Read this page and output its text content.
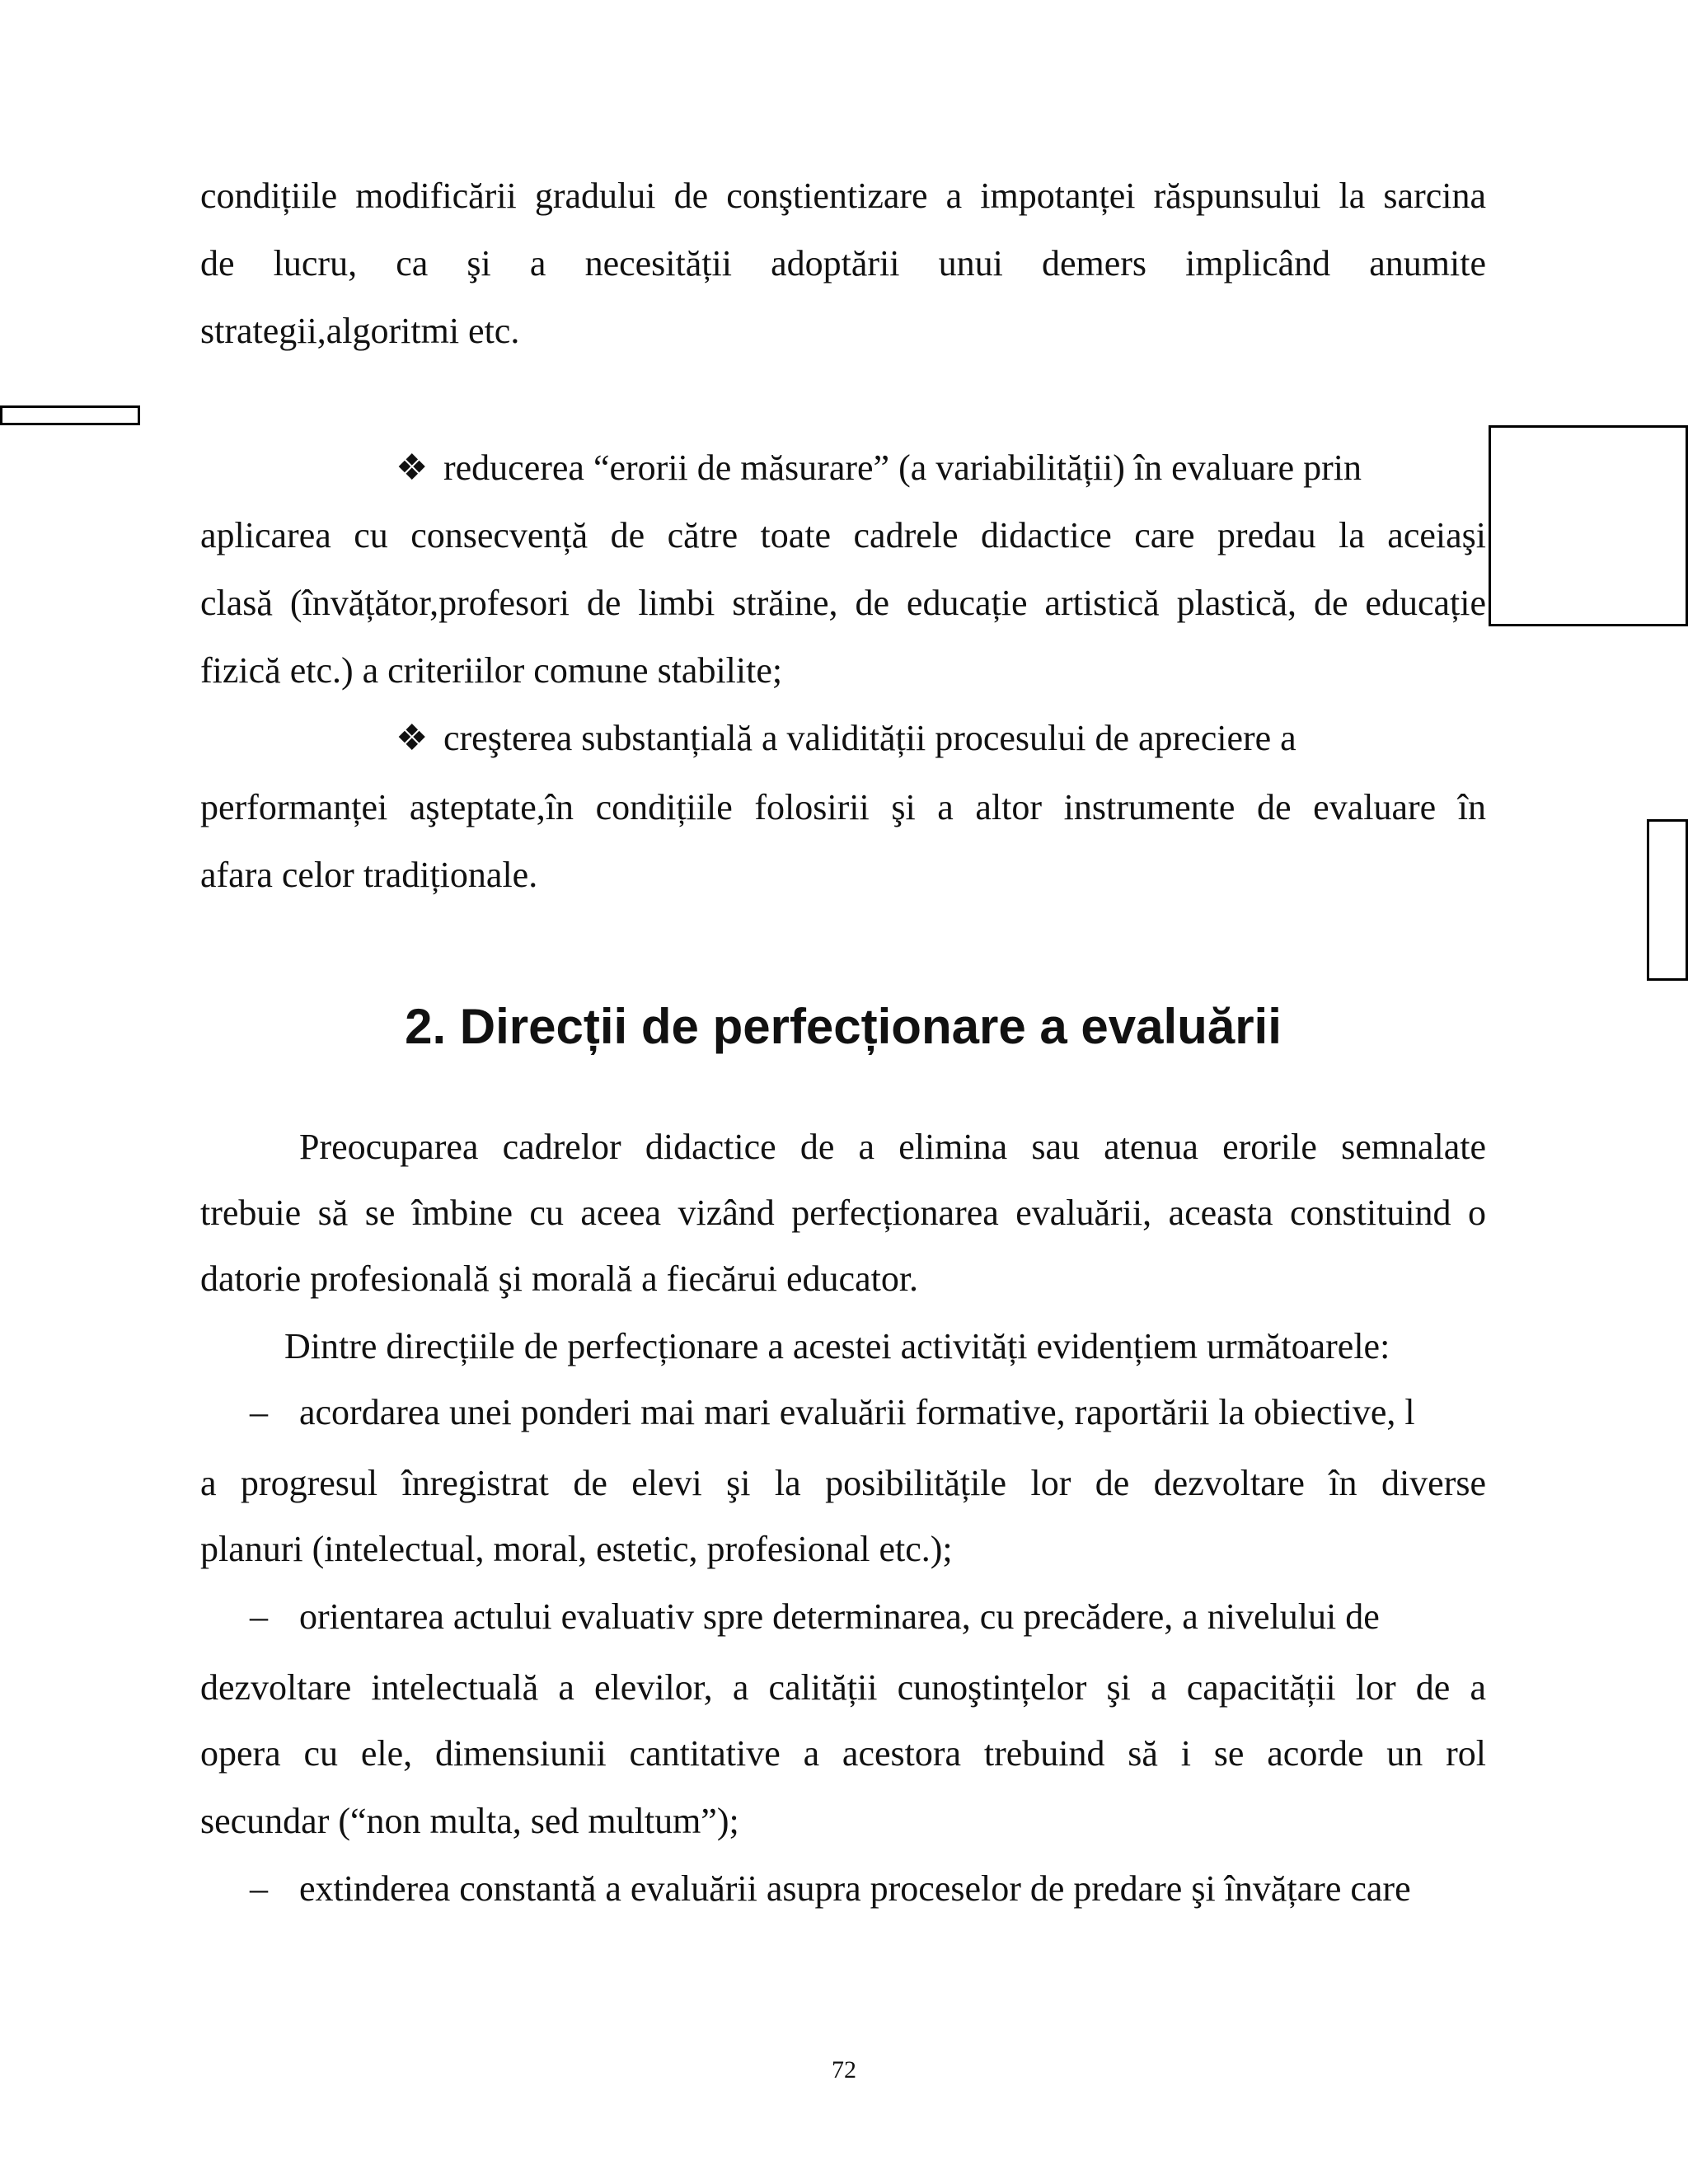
condițiile modificării gradului de conştientizare a impotanței răspunsului la sarcina
de lucru, ca şi a necesității adoptării unui demers implicând anumite
strategii,algoritmi etc.
❖ reducerea “erorii de măsurare” (a variabilității) în evaluare prin
aplicarea cu consecvență de către toate cadrele didactice care predau la aceiaşi
clasă (învățător,profesori de limbi străine, de educație artistică plastică, de educație
fizică etc.) a criteriilor comune stabilite;
❖ creşterea substanțială a validității procesului de apreciere a
performanței aşteptate,în condițiile folosirii şi a altor instrumente de evaluare în
afara celor tradiționale.
2. Direcții de perfecționare a evaluării
Preocuparea cadrelor didactice de a elimina sau atenua erorile semnalate
trebuie să se îmbine cu aceea vizând perfecționarea evaluării, aceasta constituind o
datorie profesională şi morală a fiecărui educator.
Dintre direcțiile de perfecționare a acestei activități evidențiem următoarele:
– acordarea unei ponderi mai mari evaluării formative, raportării la obiective, l
a progresul înregistrat de elevi şi la posibilitățile lor de dezvoltare în diverse
planuri (intelectual, moral, estetic, profesional etc.);
– orientarea actului evaluativ spre determinarea, cu precădere, a nivelului de
dezvoltare intelectuală a elevilor, a calității cunoştințelor şi a capacității lor de a
opera cu ele, dimensiunii cantitative a acestora trebuind să i se acorde un rol
secundar (“non multa, sed multum”);
– extinderea constantă a evaluării asupra proceselor de predare şi învățare care
72
